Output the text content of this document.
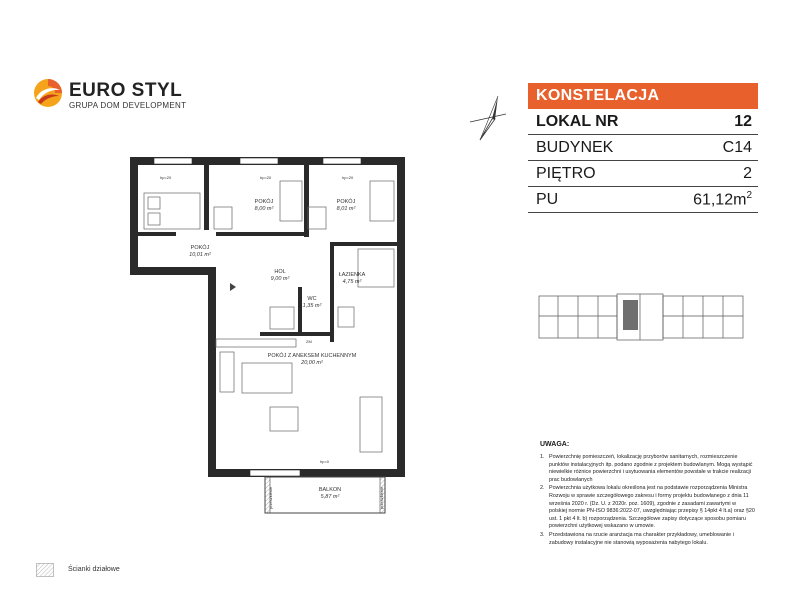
EURO STYL
GRUPA DOM DEVELOPMENT
KONSTELACJA
LOKAL NR	12
BUDYNEK	C14
PIĘTRO	2
PU	$61,12m^2$
POKÓJ
10,01 m²
POKÓJ
8,00 m²
POKÓJ
8,01 m²
HOL
9,00 m²
ŁAZIENKA
4,75 m²
WC
1,35 m²
POKÓJ Z ANEKSEM KUCHENNYM
20,00 m²
BALKON
5,87 m²
hp=20	hp=20	hp=20
hp=0
ZM
przeszklenie	przeszklenie
UWAGA:
1. Powierzchnię pomieszczeń, lokalizację przyborów sanitarnych, rozmieszczenie punktów instalacyjnych itp. podano zgodnie z projektem budowlanym. Mogą wystąpić niewielkie różnice powierzchni i usytuowania elementów powstałe w trakcie realizacji prac budowlanych
2. Powierzchnia użytkowa lokalu określona jest na podstawie rozporządzenia Ministra Rozwoju w sprawie szczegółowego zakresu i formy projektu budowlanego z dnia 11 września 2020 r. (Dz. U. z 2020r. poz. 1609), zgodnie z zasadami zawartymi w polskiej normie PN-ISO 9836:2022-07, uwzględniając przepisy § 14pkt 4 lt.a) oraz §20 ust. 1 pkt 4 lt. b) rozporządzenia. Szczegółowe zapisy dotyczące sposobu pomiaru powierzchni użytkowej wskazano w umowie.
3. Przedstawiona na rzucie aranżacja ma charakter przykładowy, umeblowanie i zabudowy instalacyjne nie stanowią wyposażenia nabytego lokalu.
Ścianki działowe
